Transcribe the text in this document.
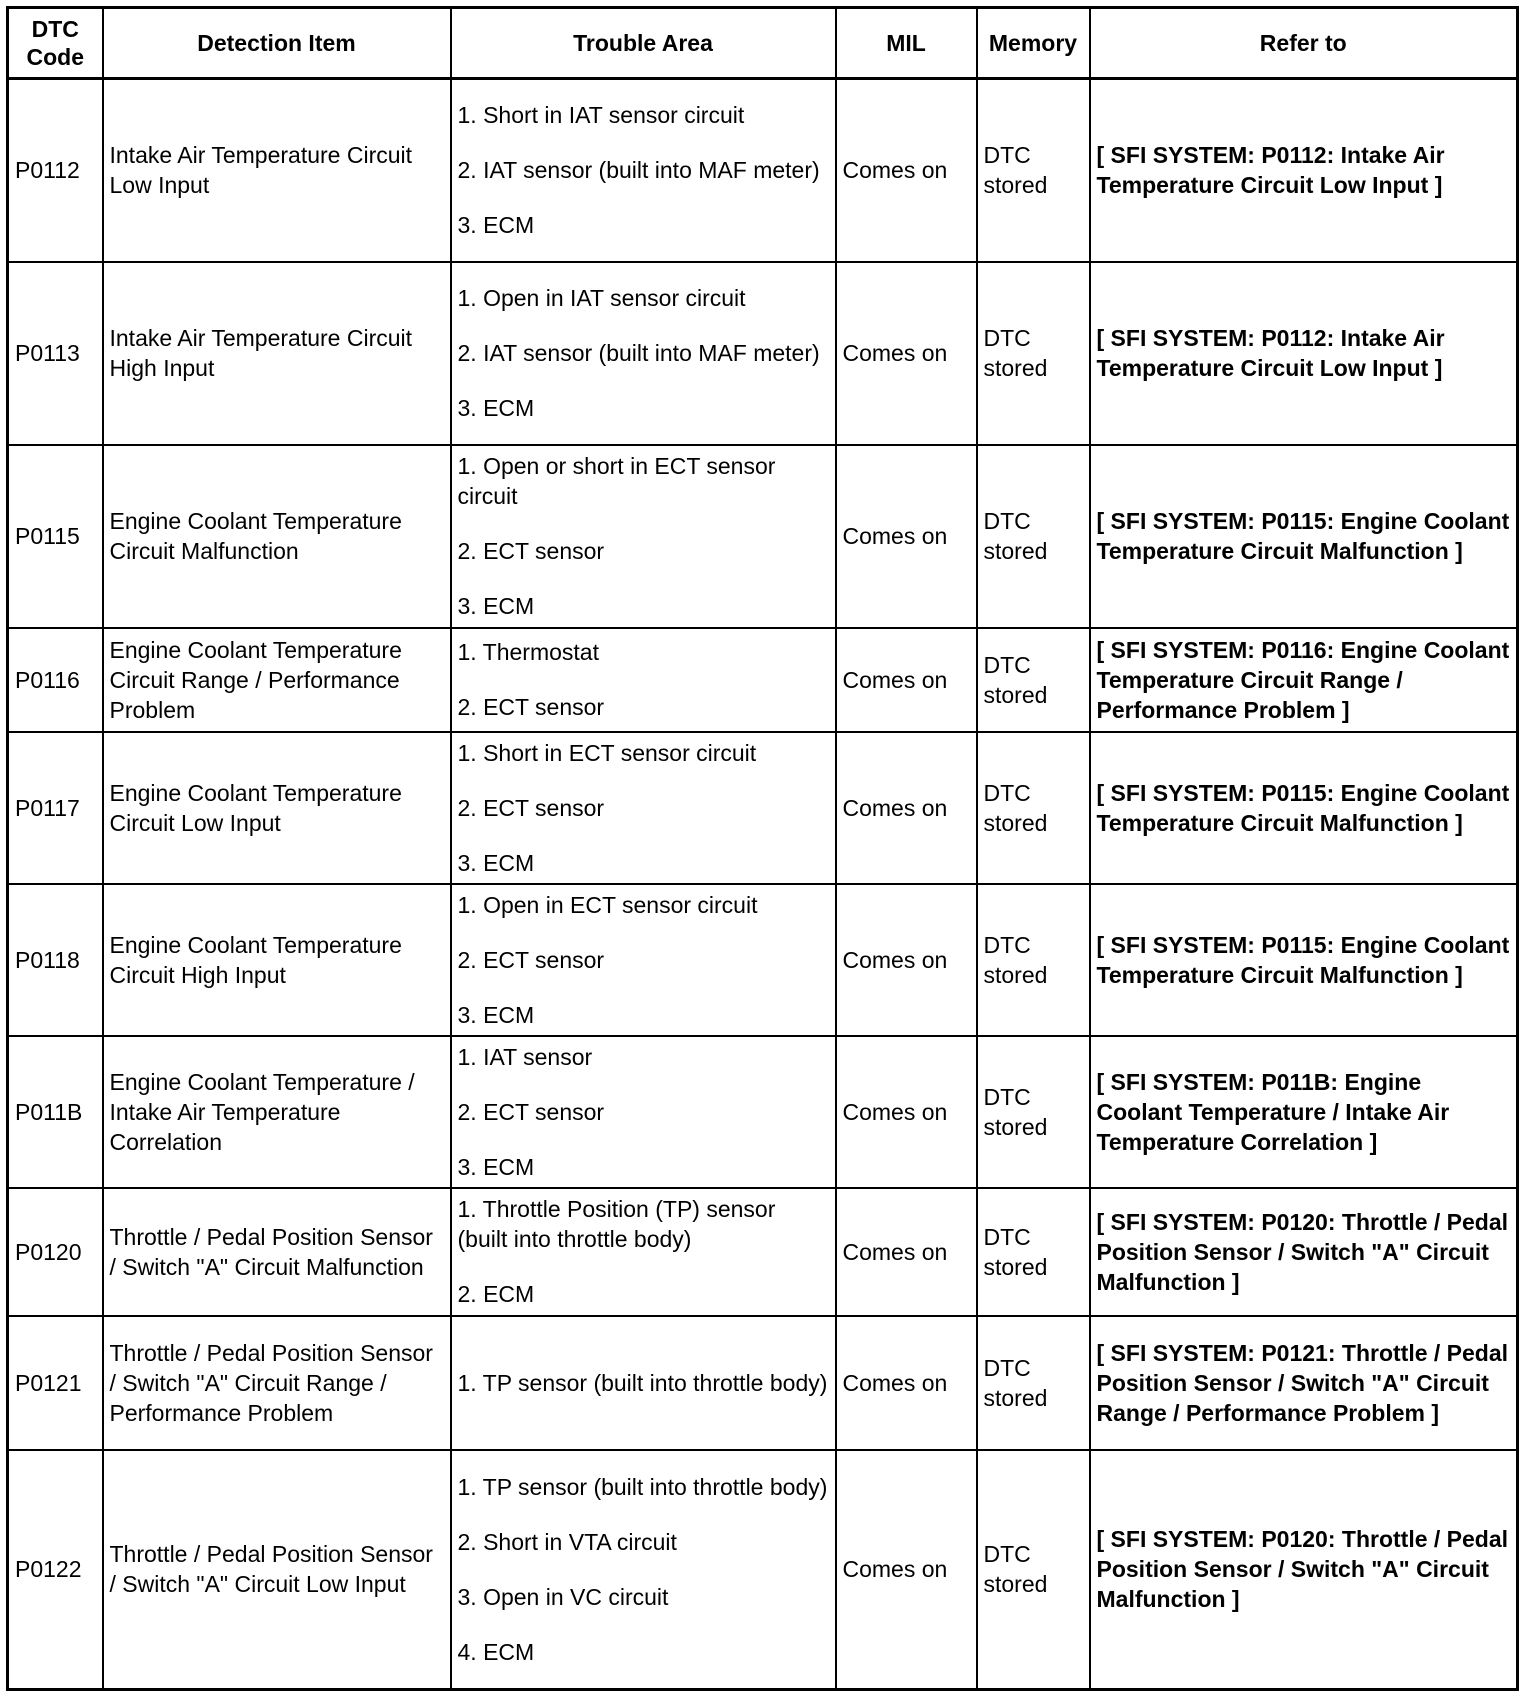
DTC
Code	Detection Item	Trouble Area	MIL	Memory	Refer to
P0112	Intake Air Temperature Circuit Low Input	1. Short in IAT sensor circuit
2. IAT sensor (built into MAF meter)
3. ECM	Comes on	DTC stored	[ SFI SYSTEM: P0112: Intake Air Temperature Circuit Low Input ]
P0113	Intake Air Temperature Circuit High Input	1. Open in IAT sensor circuit
2. IAT sensor (built into MAF meter)
3. ECM	Comes on	DTC stored	[ SFI SYSTEM: P0112: Intake Air Temperature Circuit Low Input ]
P0115	Engine Coolant Temperature Circuit Malfunction	1. Open or short in ECT sensor circuit
2. ECT sensor
3. ECM	Comes on	DTC stored	[ SFI SYSTEM: P0115: Engine Coolant Temperature Circuit Malfunction ]
P0116	Engine Coolant Temperature Circuit Range / Performance Problem	1. Thermostat
2. ECT sensor	Comes on	DTC stored	[ SFI SYSTEM: P0116: Engine Coolant Temperature Circuit Range / Performance Problem ]
P0117	Engine Coolant Temperature Circuit Low Input	1. Short in ECT sensor circuit
2. ECT sensor
3. ECM	Comes on	DTC stored	[ SFI SYSTEM: P0115: Engine Coolant Temperature Circuit Malfunction ]
P0118	Engine Coolant Temperature Circuit High Input	1. Open in ECT sensor circuit
2. ECT sensor
3. ECM	Comes on	DTC stored	[ SFI SYSTEM: P0115: Engine Coolant Temperature Circuit Malfunction ]
P011B	Engine Coolant Temperature / Intake Air Temperature Correlation	1. IAT sensor
2. ECT sensor
3. ECM	Comes on	DTC stored	[ SFI SYSTEM: P011B: Engine Coolant Temperature / Intake Air Temperature Correlation ]
P0120	Throttle / Pedal Position Sensor / Switch "A" Circuit Malfunction	1. Throttle Position (TP) sensor (built into throttle body)
2. ECM	Comes on	DTC stored	[ SFI SYSTEM: P0120: Throttle / Pedal Position Sensor / Switch "A" Circuit Malfunction ]
P0121	Throttle / Pedal Position Sensor / Switch "A" Circuit Range / Performance Problem	1. TP sensor (built into throttle body)	Comes on	DTC stored	[ SFI SYSTEM: P0121: Throttle / Pedal Position Sensor / Switch "A" Circuit Range / Performance Problem ]
P0122	Throttle / Pedal Position Sensor / Switch "A" Circuit Low Input	1. TP sensor (built into throttle body)
2. Short in VTA circuit
3. Open in VC circuit
4. ECM	Comes on	DTC stored	[ SFI SYSTEM: P0120: Throttle / Pedal Position Sensor / Switch "A" Circuit Malfunction ]
